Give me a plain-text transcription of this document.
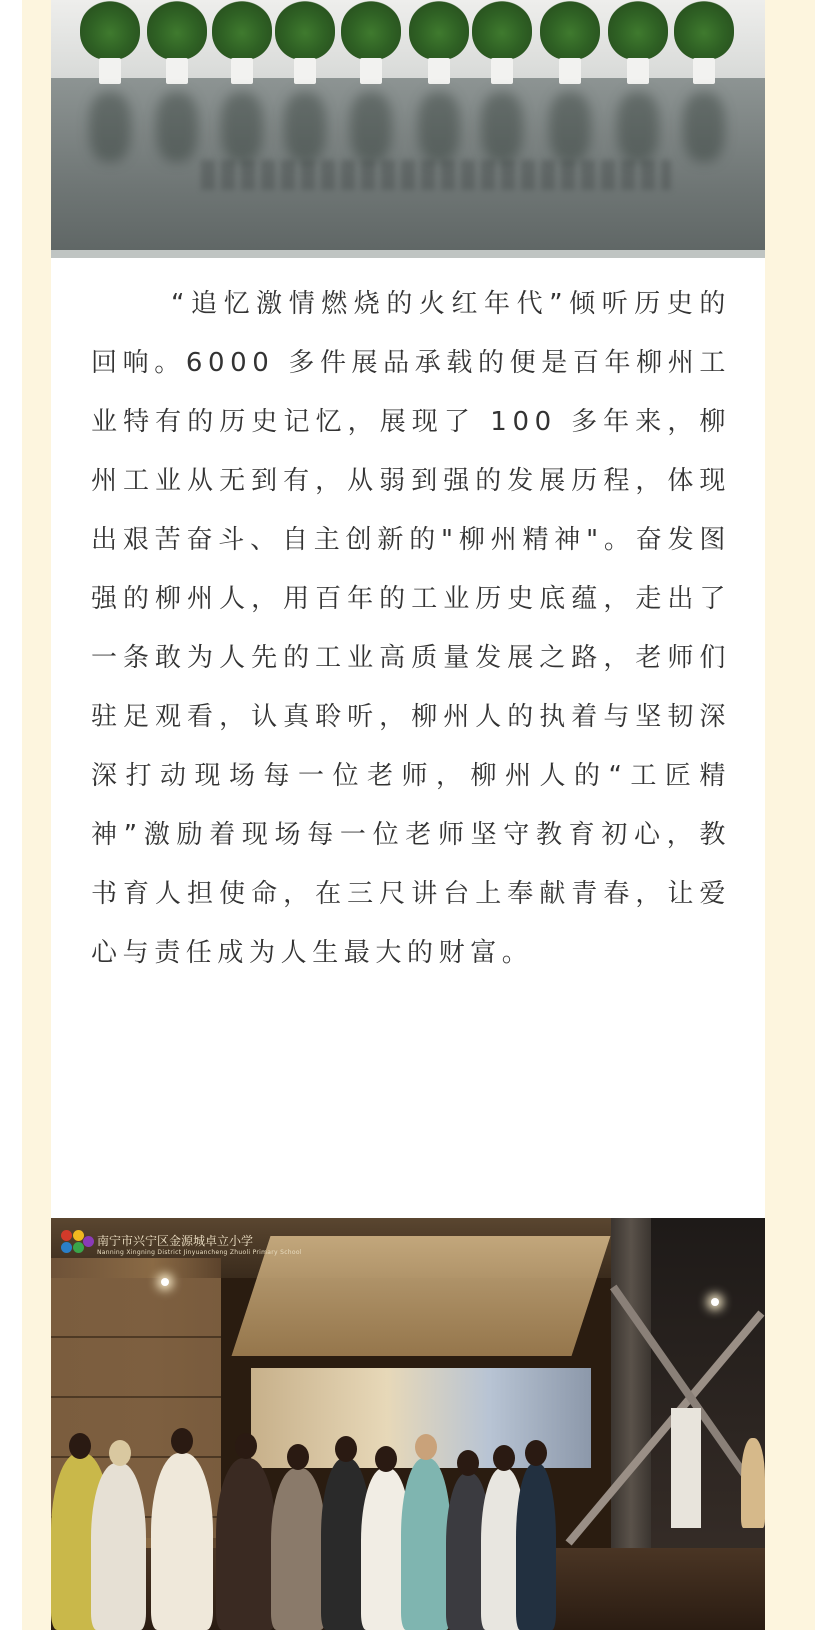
“追忆激情燃烧的火红年代”倾听历史的回响。6000 多件展品承载的便是百年柳州工业特有的历史记忆，展现了 100 多年来，柳州工业从无到有，从弱到强的发展历程，体现出艰苦奋斗、自主创新的"柳州精神"。奋发图强的柳州人，用百年的工业历史底蕴，走出了一条敢为人先的工业高质量发展之路，老师们驻足观看，认真聆听，柳州人的执着与坚韧深深打动现场每一位老师，柳州人的“工匠精神”激励着现场每一位老师坚守教育初心，教书育人担使命，在三尺讲台上奉献青春，让爱心与责任成为人生最大的财富。

南宁市兴宁区金源城卓立小学
Nanning Xingning District Jinyuancheng Zhuoli Primary School
